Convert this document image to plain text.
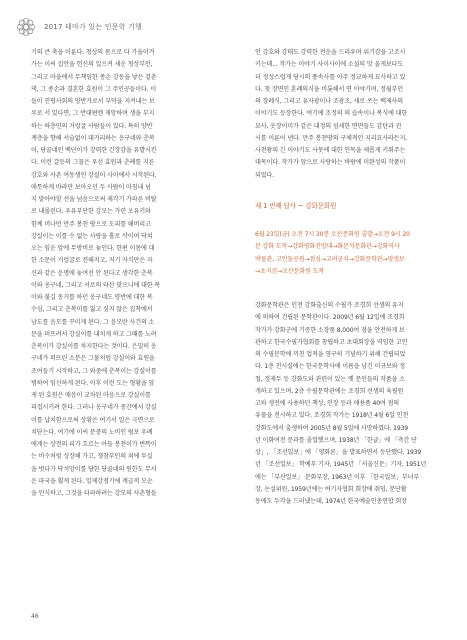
2017 테마가 있는 인문학 기행

기의 큰 축을 이룬다. 청상의 몸으로 다 가을이겨

가는 이씨 집안을 헌신의 일으켜 세운 청상부인,

그리고 마을에서 무책임한 종손 강동을 낳은 겉촌

댁, 그 종손과 결혼한 효원이 그 주인공들이다. 이

들이 진평사회의 양반가로서 부덕을 지켜내는 보

루로 서 있다면, 그 반대편엔 재앙하며 생을 부지

하는 하층민의 거렁굴 사람들이 있다. 특히 양반

계층을 향해 서슬없이 대거리하는 옹구네와 춘복

이, 당골네인 백단이가 강력한 긴장감을 유발시킨

다. 이런 갈등의 그물은 우선 효원과 춘례를 지른

강호와 사촌 여동생인 강실이 사이에서 시작된다.

애틋하게 바라만 보아오던 두 사람이 마침내 넘

지 말아야할 선을 넘음으로써 제각기 가파른 비탈

로 내몰린다. 우유부단한 강모는 가련 오유키와

함께 머나먼 만주 봉천 땅으로 도피를 해버리고

강실이는 이를 수 없는 사랑을 홀로 삭이며 닥쳐

오는 임운 앞에 무방비로 놓인다. 한편 이몸에 대

한 소문이 거렁굴로 전해지고, 저기 자식만은 자

신과 같은 운명에 놓여선 안 된다고 생각한 춘복

이와 옹구네, 그리고 서로의 타산 맞으니에 대한 복

이와 불길 동거를 하던 옹구네도 양반에 대한 복

수심, 그리고 춘복이를 잃고 싶지 않은 집착에서

남도를 음모를 꾸미게 된다. 그 음모란 사건의 소

문을 퍼뜨려서 강실이를 내치게 하고 그때를 노려

춘복이가 강실이를 차지한다는 것이다. 은밀히 옹

구네가 퍼뜨린 소문은 그물처럼 강실이와 효원을

조여들기 시작하고, 그 와중에 춘복이는 강실이를

범하여 임신하게 된다. 이후 이런 도는 형황을 앞

게 된 효원은 매음이 교차된 마음으로 강실이를

피접시키려 한다. 그러나 옹구네가 중간에서 강실

이를 납치함으로써 상황은 여기서 일은 극면으로

치닫는다. 여기에 이씨 문중의 노비인 림보 우례

에게는 상전의 피가 흐르는 아들 봉천이가 번뜩이

는 비수처럼 성장해 가고, 쟁참부인의 죄에 투실

을 벗다가 닥석망이를 당한 당골네의 원한도 무서

운 파국을 훨게 된다. 일제강점기에 계급적 모순

을 인식하고, 그것을 타파하려는 강모의 사촌형들

인 강호와 강태도 강력한 전운을 드리우며 위기감을 고조시

키는데... 작가는 이야기 사이사이에 소설의 맛 울게보다도

더 정성스럽게 당시의 풍속사를 아주 정교하게 묘사하고 있

다. 첫 장면인 혼례의식을 비롯해서 연 이야기며, 정월부인

의 장례식, 그리고 유자광이나 조광조, 새로 쓰는 백제사의

이야기도 등장한다. 여기에 조정의 의 습속이나 복식에 대한

묘사, 옷장이미가 같은 내정의 섬세한 면면들도 감탄과 진

시를 이룬어 낸다. 만주 봉천땅의 구체적인 지리묘사라든지,

사천왕의 긴 이야기도 사뭇에 대한 인목을 새롭게 키워주는

대목이다. 작가가 앞으로 사랑하는 바람에 미완성의 작품이

되었다.

제 1 번째 답사 ~ 강화문화원

6월 23일(금) 오전 7시 30분 오산문화원 출발→오전 9시 20

분 강화 도착→강화평화전망대→화문석문화관→강화역사

박물관, 고인돌공원→점심→고려궁지→강화문학관→평생보

→초지진→오산문화원 도착

강화문학관은 인천 강화출신의 수필가 조경희 선생의 유지

에 의하여 건립된 문학관이다. 2009년 6월 12일에 조경희

작가가 강화군에 기증한 소장품 8,000여 점을 안전하게 보

관하고 한국수필가협회를 창립하고 초대회장을 역임한 고인

의 수필문학에 끼친 업적을 영구히 기념하기 위해 건립되었

다. 1층 전시실에는 한국문학사에 이름을 남긴 이규보와 정

철, 정제두 등 강화도와 관련이 있는 옛 문인들의 작품을 소

개하고 있으며, 2층 수필문학관에는 조경희 선생의 육필원

고와 생전에 사용하던 책상, 인장 등과 애용품 40여 점의

유물을 전시하고 있다. 조경희 작가는 1918년 4월 6일 인천

강화도에서 출생하여 2005년 8월 5일에 사망하였다. 1939

년 이화여전 문과를 졸업했으며, 1938년 「한글」에 「측간 단

상」, 「조선일보」에 「영화론」을 발표하면서 등단했다. 1939

년 「조선일보」 학예부 기자, 1945년 「서울신문」기자, 1951년

에는 「부산일보」 문화부장, 1963년 이후 「한국일보」부녀부

장, 논설위원, 1959년에는 여기자협회 회장에 취임, 문단활

동에도 두각을 드러냈는데, 1974년 한국예술인총연합 회장

46
